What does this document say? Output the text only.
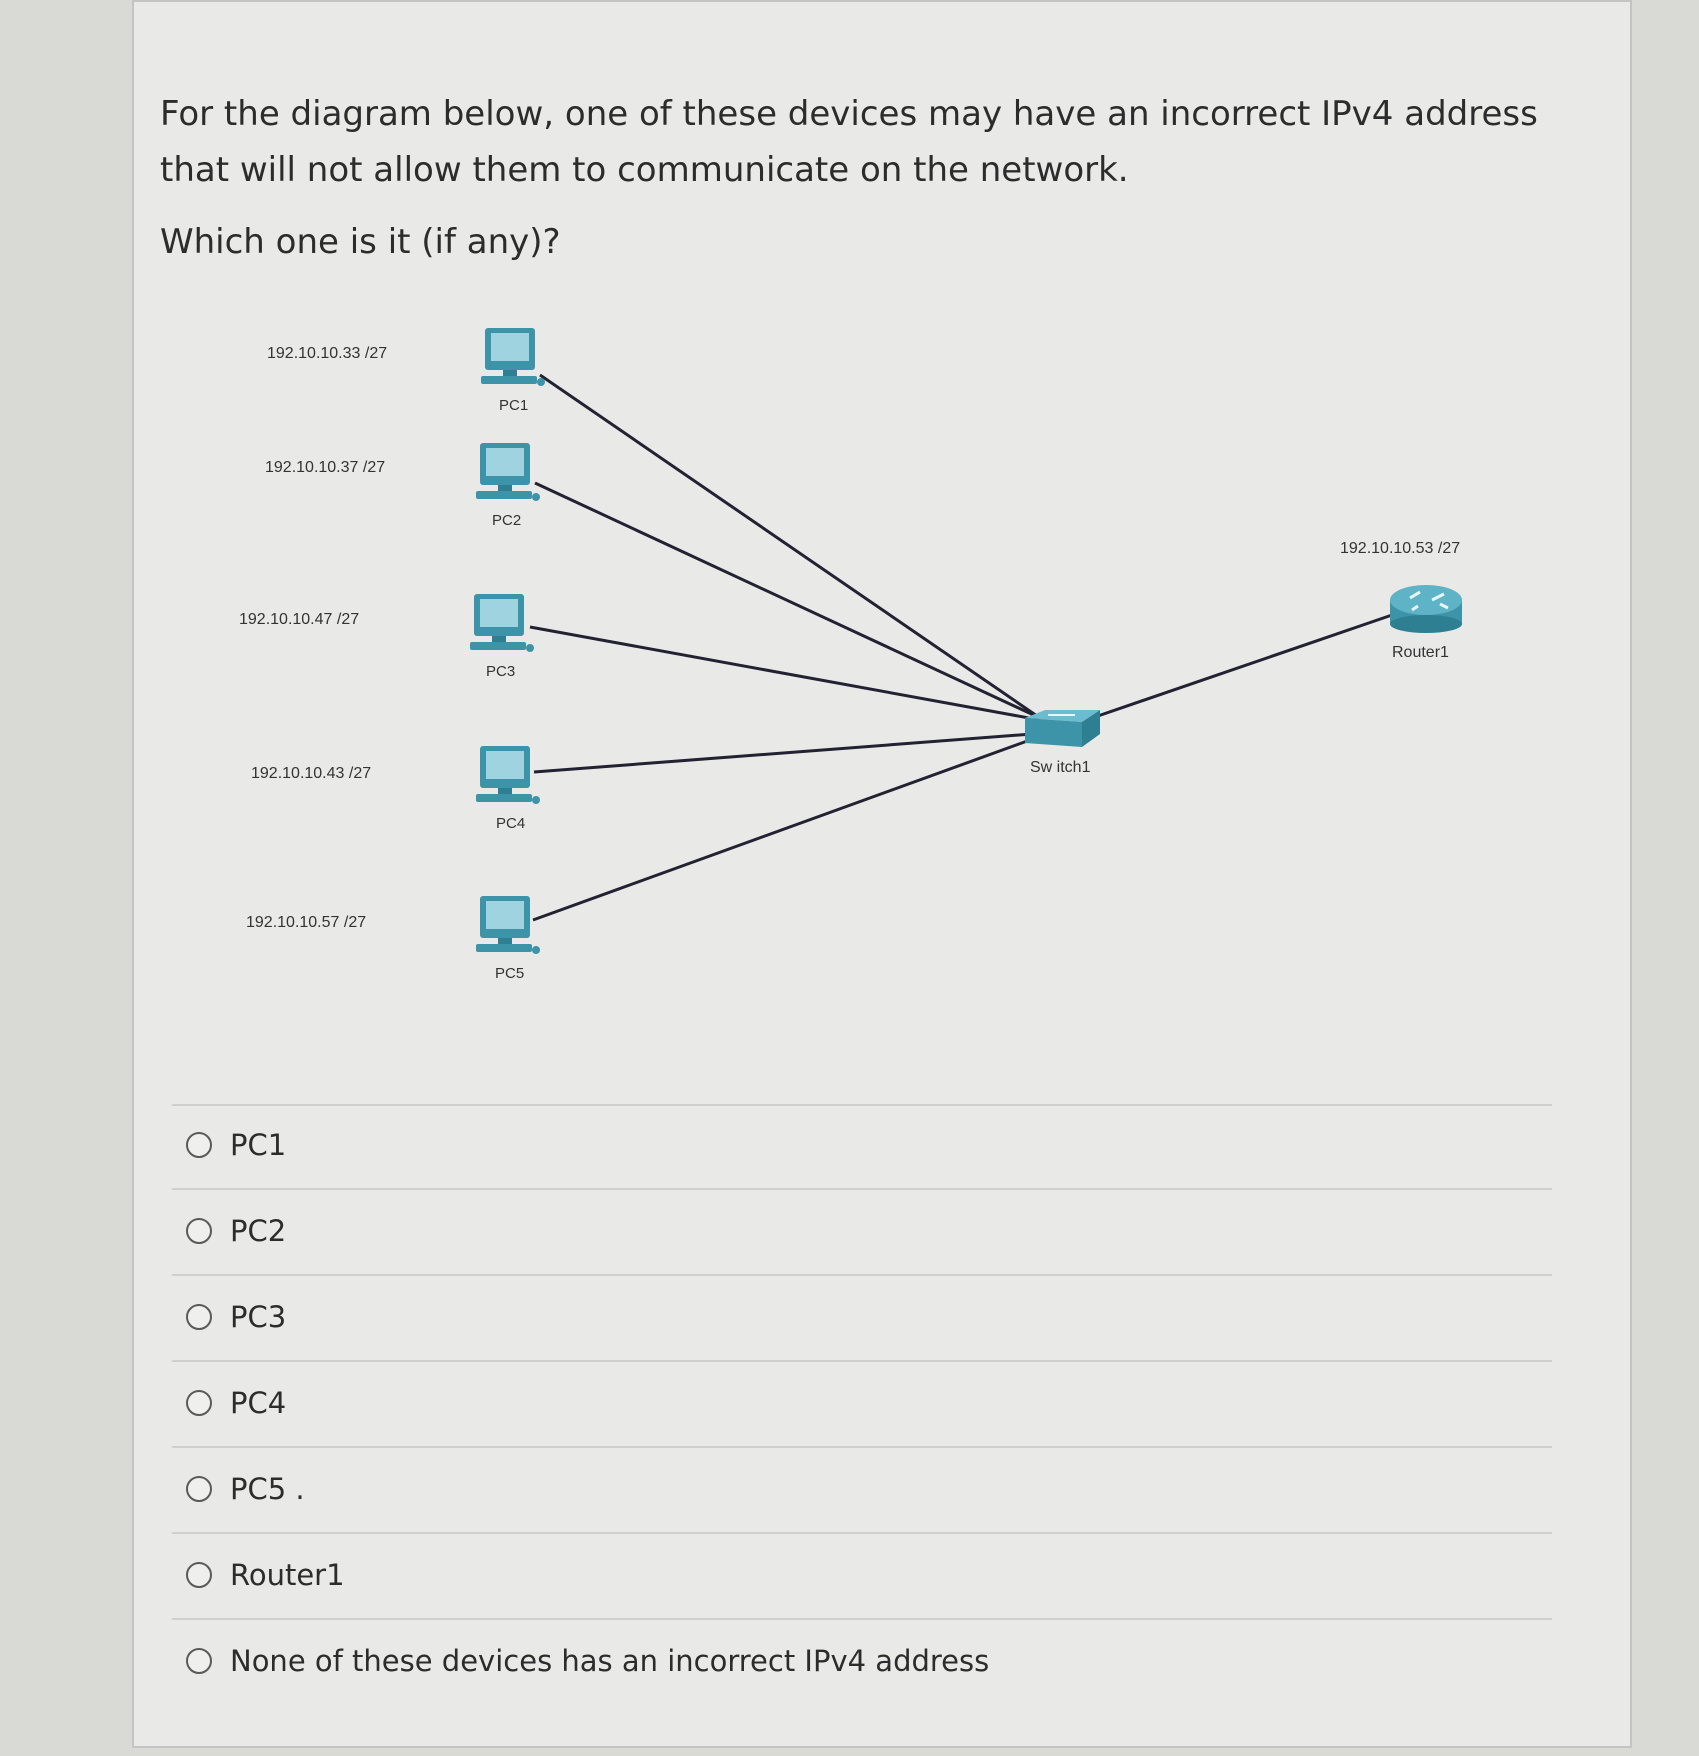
For the diagram below, one of these devices may have an incorrect IPv4 address that will not allow them to communicate on the network.

Which one is it (if any)?

PC1
192.10.10.33 /27
PC2
192.10.10.37 /27
PC3
192.10.10.47 /27
PC4
192.10.10.43 /27
PC5
192.10.10.57 /27
Sw itch1
Router1
192.10.10.53 /27
PC1
PC2
PC3
PC4
PC5 .
Router1
None of these devices has an incorrect IPv4 address
